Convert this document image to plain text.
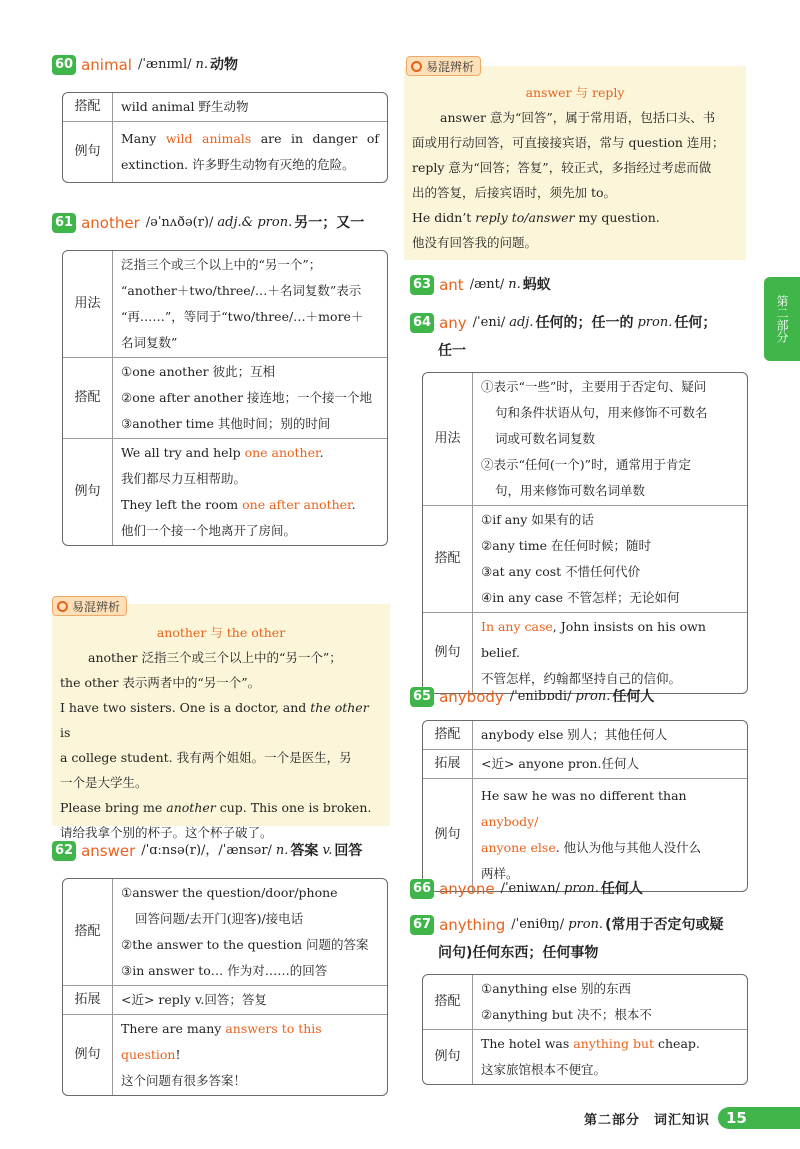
60 animal /ˈænɪml/ n. 动物
搭配	wild animal 野生动物
例句	Many wild animals are in danger of extinction. 许多野生动物有灭绝的危险。
61 another /əˈnʌðə(r)/ adj.& pron. 另一；又一
用法	泛指三个或三个以上中的“另一个”；
“another＋two/three/…＋名词复数”表示
“再……”，等同于“two/three/…＋more＋
名词复数”

搭配	①one another 彼此；互相
②one after another 接连地；一个接一个地
③another time 其他时间；别的时间

例句	We all try and help one another.
我们都尽力互相帮助。
They left the room one after another.
他们一个接一个地离开了房间。
another 与 the other
another 泛指三个或三个以上中的“另一个”；
the other 表示两者中的“另一个”。
I have two sisters. One is a doctor, and the other is
a college student. 我有两个姐姐。一个是医生，另
一个是大学生。
Please bring me another cup. This one is broken.
请给我拿个别的杯子。这个杯子破了。
易混辨析
62 answer /ˈɑːnsə(r)/，/ˈænsər/ n. 答案 v. 回答
搭配	①answer the question/door/phone
回答问题/去开门(迎客)/接电话
②the answer to the question 问题的答案
③in answer to… 作为对……的回答

拓展	<近> reply v.回答；答复
例句	There are many answers to this question!
这个问题有很多答案！
answer 与 reply
answer 意为“回答”，属于常用语，包括口头、书
面或用行动回答，可直接接宾语，常与 question 连用；
reply 意为“回答；答复”，较正式，多指经过考虑而做
出的答复，后接宾语时，须先加 to。
He didn’t reply to/answer my question.
他没有回答我的问题。
易混辨析
63 ant /ænt/ n. 蚂蚁
64 any /ˈeni/ adj. 任何的；任一的 pron. 任何；
任一
用法	①表示“一些”时，主要用于否定句、疑问
句和条件状语从句，用来修饰不可数名
词或可数名词复数
②表示“任何(一个)”时，通常用于肯定
句，用来修饰可数名词单数

搭配	①if any 如果有的话
②any time 在任何时候；随时
③at any cost 不惜任何代价
④in any case 不管怎样；无论如何

例句	In any case, John insists on his own belief.
不管怎样，约翰都坚持自己的信仰。
65 anybody /ˈenibɒdi/ pron. 任何人
搭配	anybody else 别人；其他任何人
拓展	<近> anyone pron.任何人
例句	He saw he was no different than anybody/
anyone else. 他认为他与其他人没什么
两样。
66 anyone /ˈeniwʌn/ pron. 任何人
67 anything /ˈeniθɪŋ/ pron. (常用于否定句或疑
问句)任何东西；任何事物
搭配	①anything else 别的东西
②anything but 决不；根本不

例句	The hotel was anything but cheap.
这家旅馆根本不便宜。
第二部分
第二部分　词汇知识	15
